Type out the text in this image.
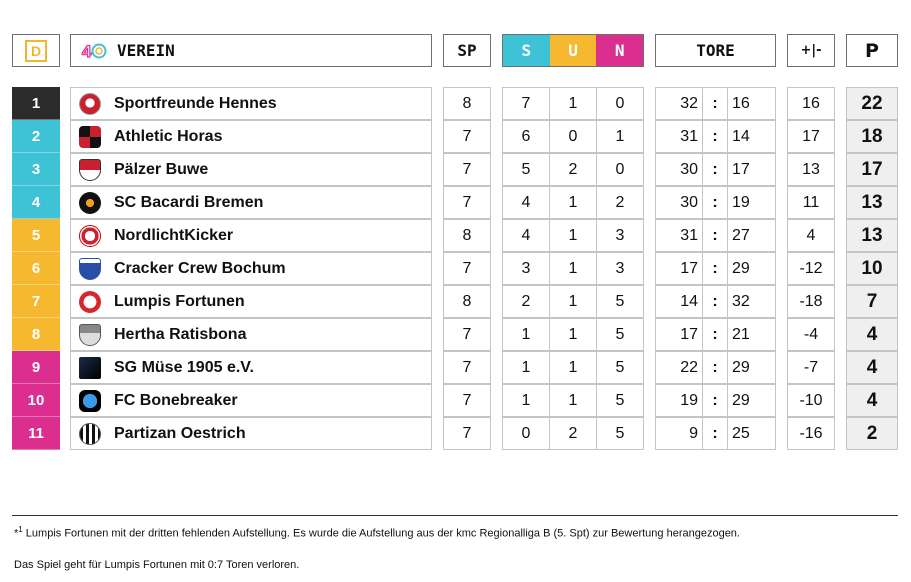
D	4 VEREIN	SP	S	U	N	TORE	+|-	P
1	Sportfreunde Hennes	8	7	1	0	32 : 16	16	22
2	Athletic Horas	7	6	0	1	31 : 14	17	18
3	Pälzer Buwe	7	5	2	0	30 : 17	13	17
4	SC Bacardi Bremen	7	4	1	2	30 : 19	11	13
5	NordlichtKicker	8	4	1	3	31 : 27	4	13
6	Cracker Crew Bochum	7	3	1	3	17 : 29	-12	10
7	Lumpis Fortunen	8	2	1	5	14 : 32	-18	7
8	Hertha Ratisbona	7	1	1	5	17 : 21	-4	4
9	SG Müse 1905 e.V.	7	1	1	5	22 : 29	-7	4
10	FC Bonebreaker	7	1	1	5	19 : 29	-10	4
11	Partizan Oestrich	7	0	2	5	9 : 25	-16	2
*$^1$ Lumpis Fortunen mit der dritten fehlenden Aufstellung. Es wurde die Aufstellung aus der kmc Regionalliga B (5. Spt) zur Bewertung herangezogen.
Das Spiel geht für Lumpis Fortunen mit 0:7 Toren verloren.
